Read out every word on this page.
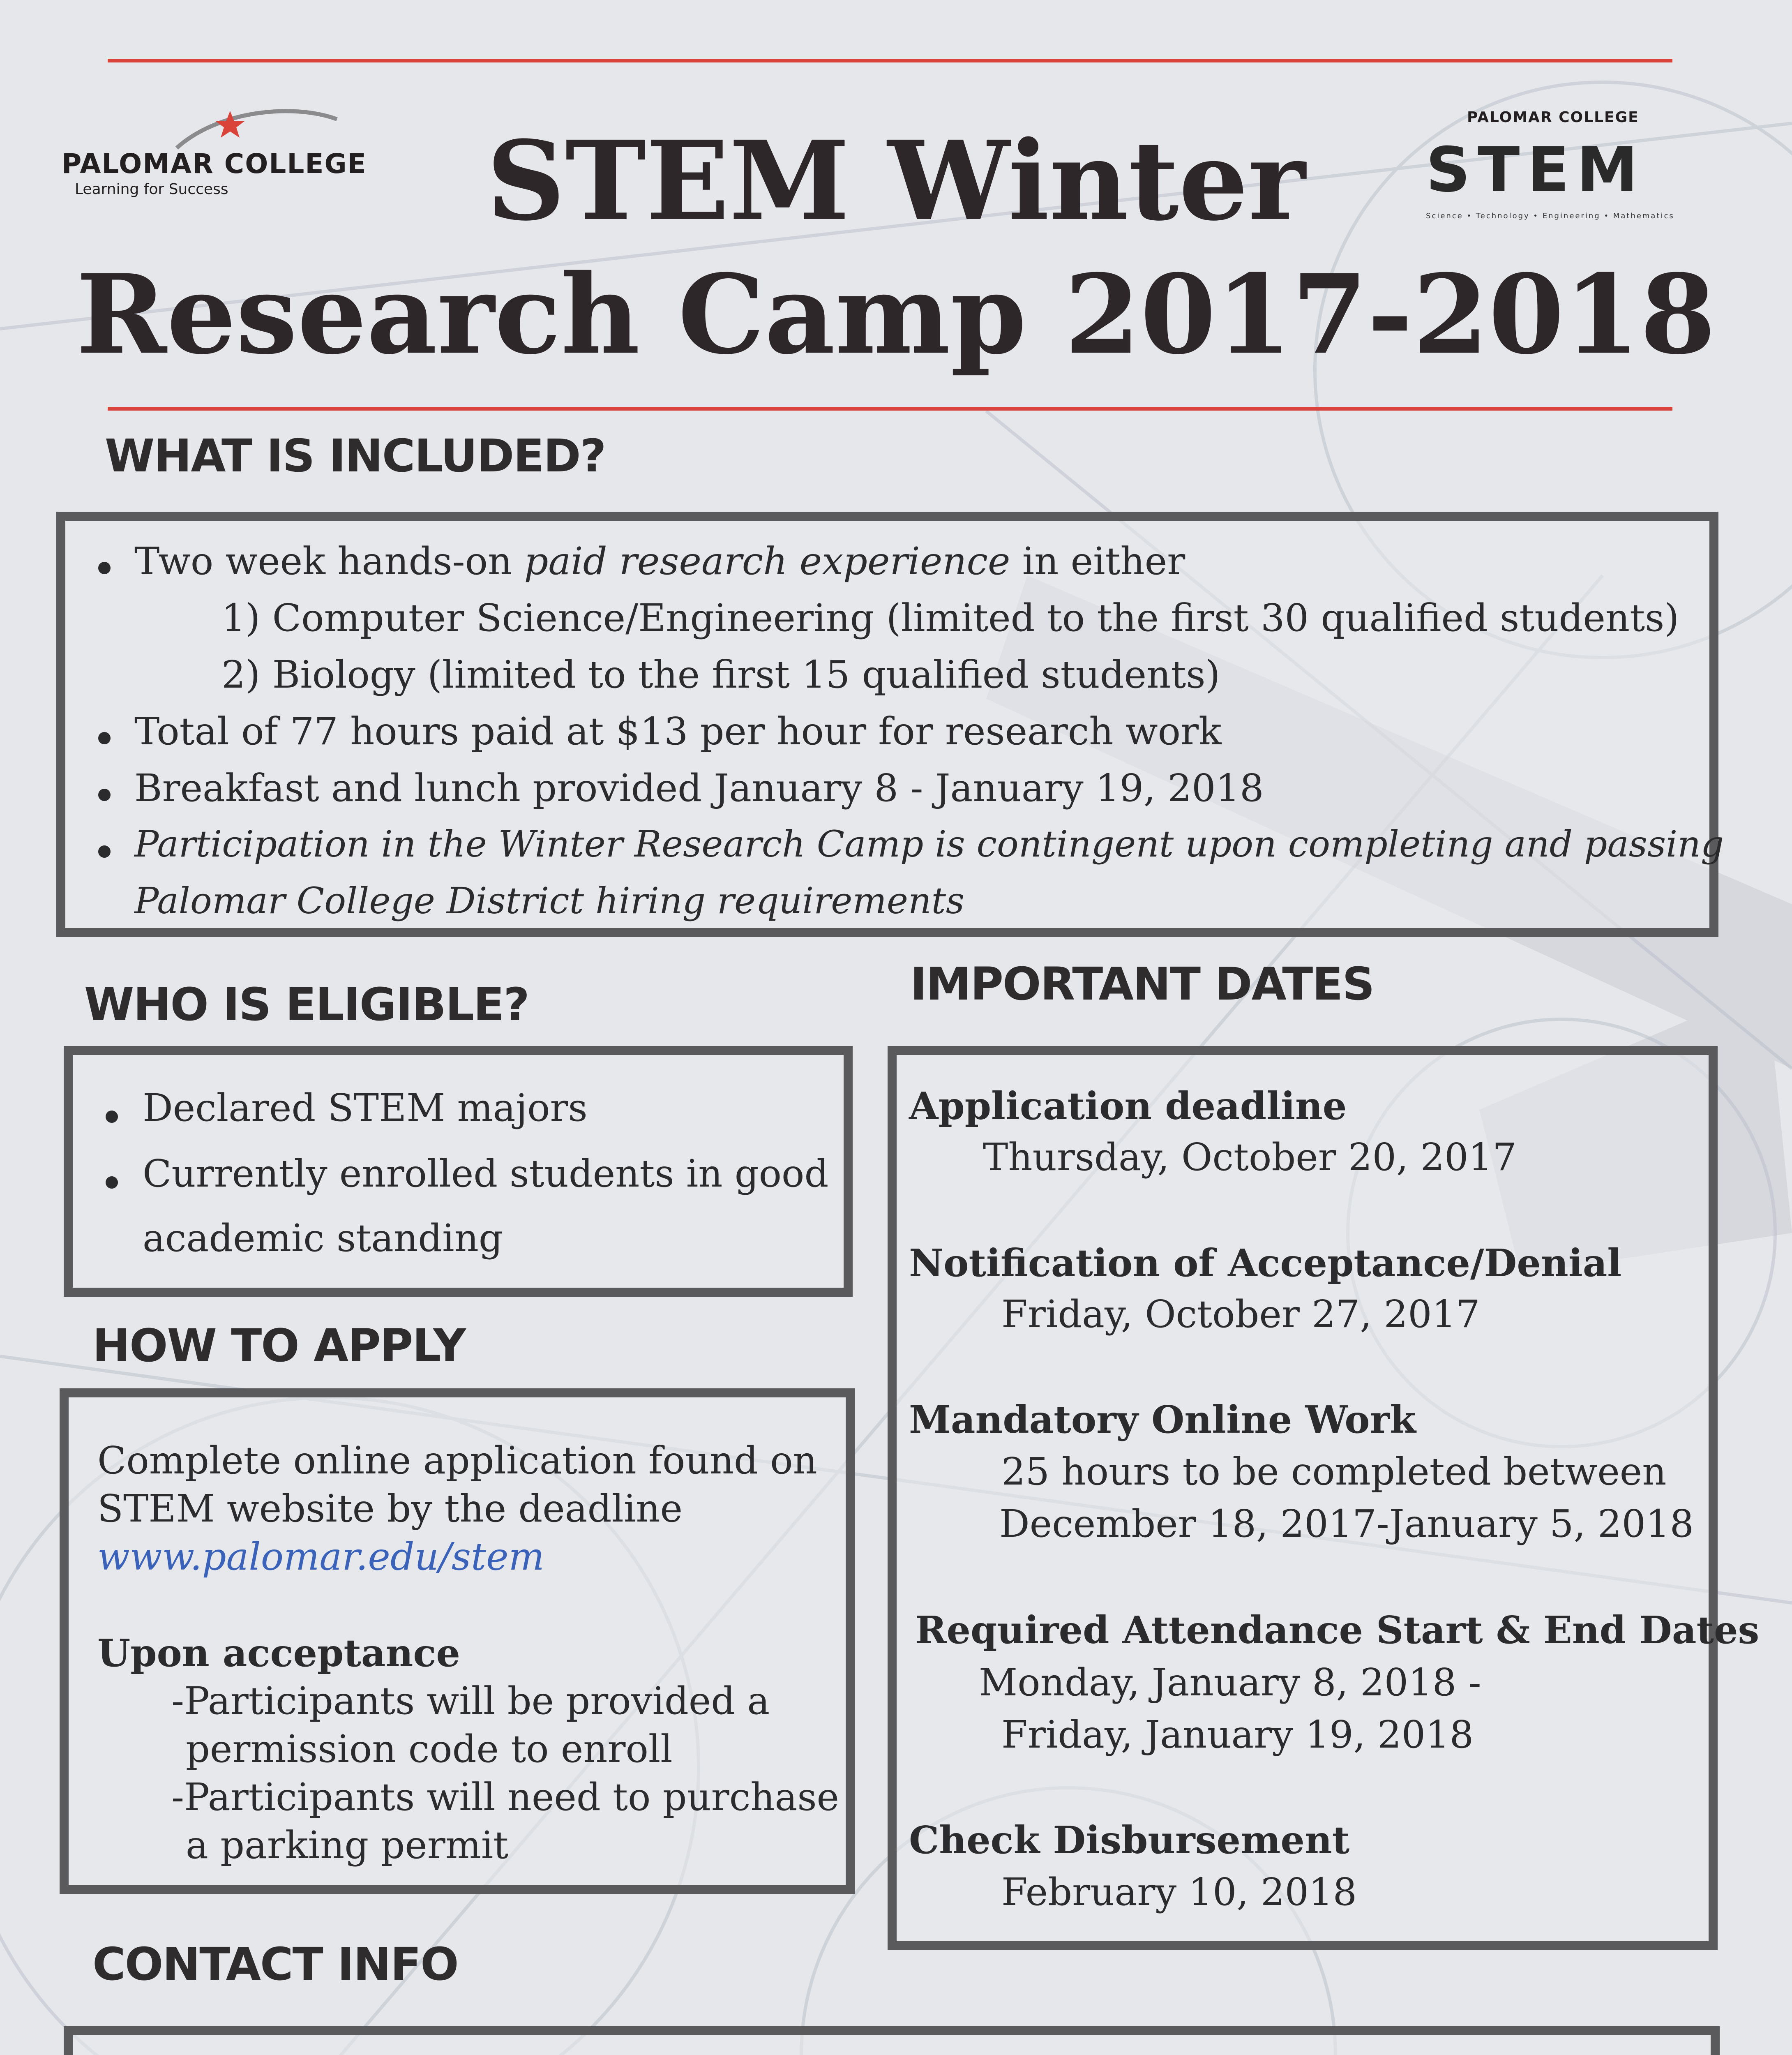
PALOMAR COLLEGE
Learning for Success
PALOMAR COLLEGE
STEM
Science • Technology • Engineering • Mathematics
STEM Winter
Research Camp 2017-2018
WHAT IS INCLUDED?
Two week hands-on paid research experience in either
1) Computer Science/Engineering (limited to the first 30 qualified students)
2) Biology (limited to the first 15 qualified students)
Total of 77 hours paid at $13 per hour for research work
Breakfast and lunch provided January 8 - January 19, 2018
Participation in the Winter Research Camp is contingent upon completing and passing
Palomar College District hiring requirements
WHO IS ELIGIBLE?
Declared STEM majors
Currently enrolled students in good
academic standing
HOW TO APPLY
Complete online application found on
STEM website by the deadline
www.palomar.edu/stem
Upon acceptance
-Participants will be provided a
permission code to enroll
-Participants will need to purchase
a parking permit
IMPORTANT DATES
Application deadline
Thursday, October 20, 2017
Notification of Acceptance/Denial
Friday, October 27, 2017
Mandatory Online Work
25 hours to be completed between
December 18, 2017-January 5, 2018
Required Attendance Start & End Dates
Monday, January 8, 2018 -
Friday, January 19, 2018
Check Disbursement
February 10, 2018
CONTACT INFO
